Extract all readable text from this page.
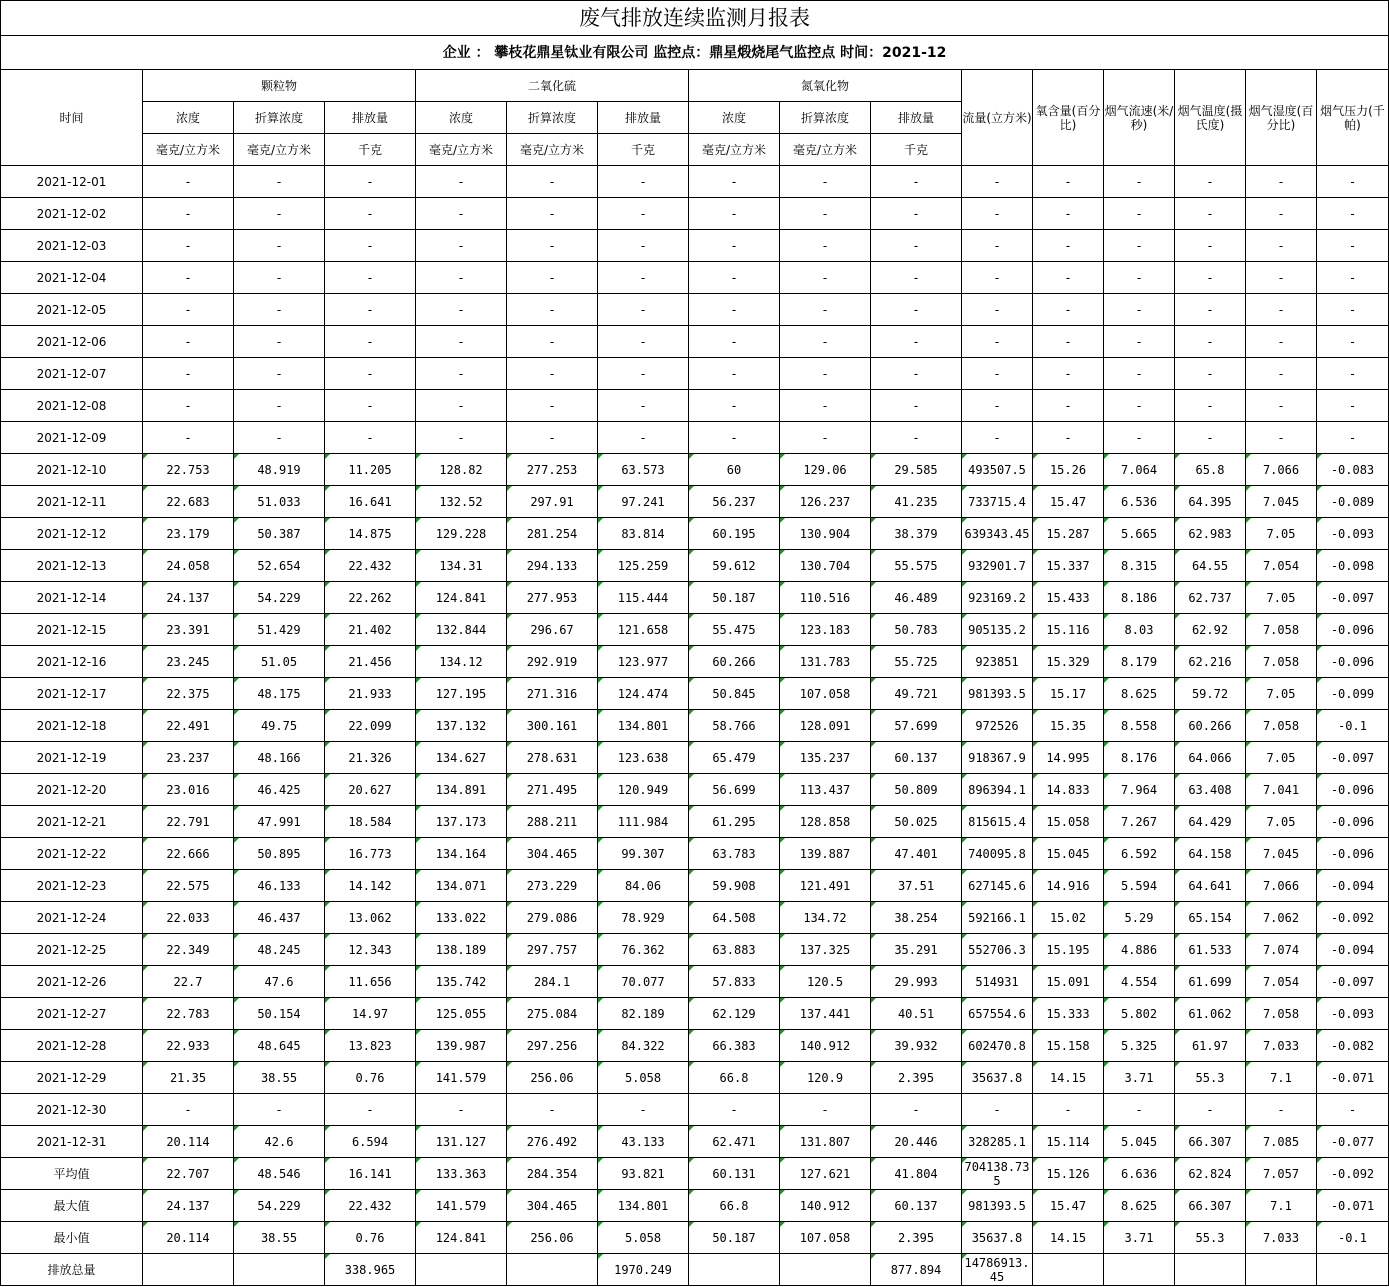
废气排放连续监测月报表															
企业 ： 攀枝花鼎星钛业有限公司 监控点：鼎星煅烧尾气监控点 时间：2021-12															
时间	颗粒物			二氧化硫			氮氧化物			流量(立方米)	氧含量(百分比)	烟气流速(米/秒)	烟气温度(摄氏度)	烟气湿度(百分比)	烟气压力(千帕)
	浓度	折算浓度	排放量	浓度	折算浓度	排放量	浓度	折算浓度	排放量						
	毫克/立方米	毫克/立方米	千克	毫克/立方米	毫克/立方米	千克	毫克/立方米	毫克/立方米	千克						
2021-12-01	-	-	-	-	-	-	-	-	-	-	-	-	-	-	-
2021-12-02	-	-	-	-	-	-	-	-	-	-	-	-	-	-	-
2021-12-03	-	-	-	-	-	-	-	-	-	-	-	-	-	-	-
2021-12-04	-	-	-	-	-	-	-	-	-	-	-	-	-	-	-
2021-12-05	-	-	-	-	-	-	-	-	-	-	-	-	-	-	-
2021-12-06	-	-	-	-	-	-	-	-	-	-	-	-	-	-	-
2021-12-07	-	-	-	-	-	-	-	-	-	-	-	-	-	-	-
2021-12-08	-	-	-	-	-	-	-	-	-	-	-	-	-	-	-
2021-12-09	-	-	-	-	-	-	-	-	-	-	-	-	-	-	-
2021-12-10	22.753	48.919	11.205	128.82	277.253	63.573	60	129.06	29.585	493507.5	15.26	7.064	65.8	7.066	-0.083
2021-12-11	22.683	51.033	16.641	132.52	297.91	97.241	56.237	126.237	41.235	733715.4	15.47	6.536	64.395	7.045	-0.089
2021-12-12	23.179	50.387	14.875	129.228	281.254	83.814	60.195	130.904	38.379	639343.45	15.287	5.665	62.983	7.05	-0.093
2021-12-13	24.058	52.654	22.432	134.31	294.133	125.259	59.612	130.704	55.575	932901.7	15.337	8.315	64.55	7.054	-0.098
2021-12-14	24.137	54.229	22.262	124.841	277.953	115.444	50.187	110.516	46.489	923169.2	15.433	8.186	62.737	7.05	-0.097
2021-12-15	23.391	51.429	21.402	132.844	296.67	121.658	55.475	123.183	50.783	905135.2	15.116	8.03	62.92	7.058	-0.096
2021-12-16	23.245	51.05	21.456	134.12	292.919	123.977	60.266	131.783	55.725	923851	15.329	8.179	62.216	7.058	-0.096
2021-12-17	22.375	48.175	21.933	127.195	271.316	124.474	50.845	107.058	49.721	981393.5	15.17	8.625	59.72	7.05	-0.099
2021-12-18	22.491	49.75	22.099	137.132	300.161	134.801	58.766	128.091	57.699	972526	15.35	8.558	60.266	7.058	-0.1
2021-12-19	23.237	48.166	21.326	134.627	278.631	123.638	65.479	135.237	60.137	918367.9	14.995	8.176	64.066	7.05	-0.097
2021-12-20	23.016	46.425	20.627	134.891	271.495	120.949	56.699	113.437	50.809	896394.1	14.833	7.964	63.408	7.041	-0.096
2021-12-21	22.791	47.991	18.584	137.173	288.211	111.984	61.295	128.858	50.025	815615.4	15.058	7.267	64.429	7.05	-0.096
2021-12-22	22.666	50.895	16.773	134.164	304.465	99.307	63.783	139.887	47.401	740095.8	15.045	6.592	64.158	7.045	-0.096
2021-12-23	22.575	46.133	14.142	134.071	273.229	84.06	59.908	121.491	37.51	627145.6	14.916	5.594	64.641	7.066	-0.094
2021-12-24	22.033	46.437	13.062	133.022	279.086	78.929	64.508	134.72	38.254	592166.1	15.02	5.29	65.154	7.062	-0.092
2021-12-25	22.349	48.245	12.343	138.189	297.757	76.362	63.883	137.325	35.291	552706.3	15.195	4.886	61.533	7.074	-0.094
2021-12-26	22.7	47.6	11.656	135.742	284.1	70.077	57.833	120.5	29.993	514931	15.091	4.554	61.699	7.054	-0.097
2021-12-27	22.783	50.154	14.97	125.055	275.084	82.189	62.129	137.441	40.51	657554.6	15.333	5.802	61.062	7.058	-0.093
2021-12-28	22.933	48.645	13.823	139.987	297.256	84.322	66.383	140.912	39.932	602470.8	15.158	5.325	61.97	7.033	-0.082
2021-12-29	21.35	38.55	0.76	141.579	256.06	5.058	66.8	120.9	2.395	35637.8	14.15	3.71	55.3	7.1	-0.071
2021-12-30	-	-	-	-	-	-	-	-	-	-	-	-	-	-	-
2021-12-31	20.114	42.6	6.594	131.127	276.492	43.133	62.471	131.807	20.446	328285.1	15.114	5.045	66.307	7.085	-0.077
平均值	22.707	48.546	16.141	133.363	284.354	93.821	60.131	127.621	41.804	704138.735	15.126	6.636	62.824	7.057	-0.092
最大值	24.137	54.229	22.432	141.579	304.465	134.801	66.8	140.912	60.137	981393.5	15.47	8.625	66.307	7.1	-0.071
最小值	20.114	38.55	0.76	124.841	256.06	5.058	50.187	107.058	2.395	35637.8	14.15	3.71	55.3	7.033	-0.1
排放总量			338.965			1970.249			877.894	14786913.45					
